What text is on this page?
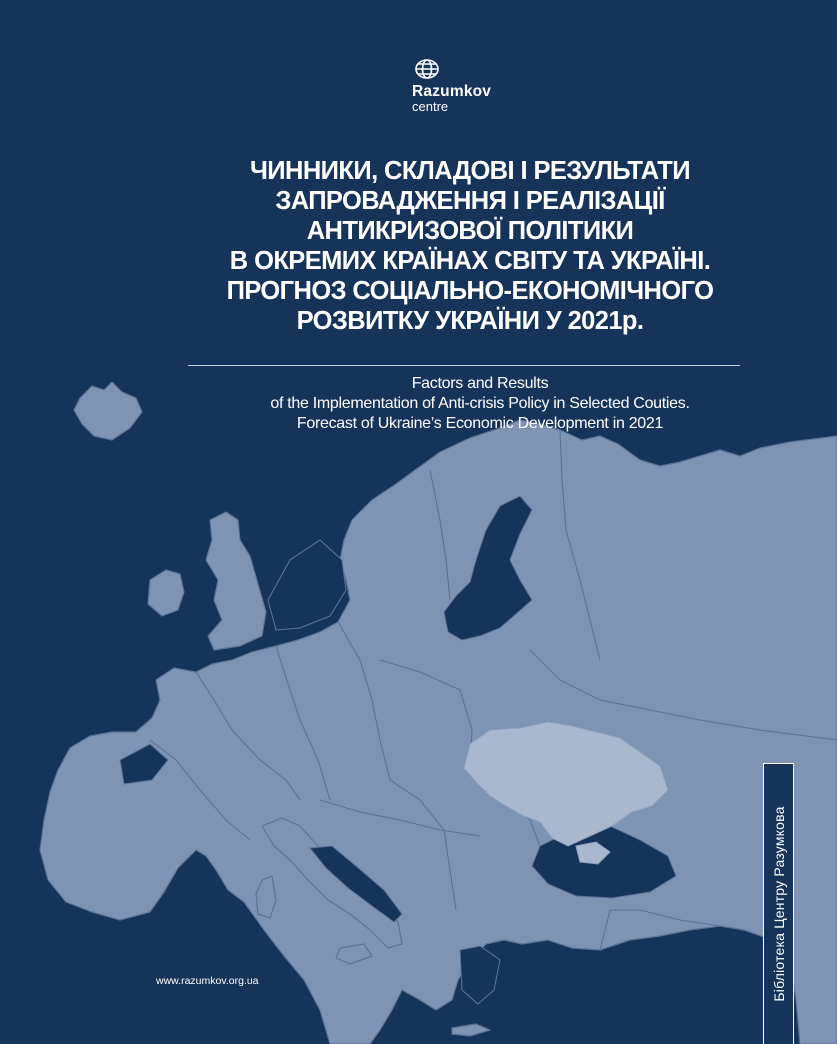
Razumkov
centre
ЧИННИКИ, СКЛАДОВІ І РЕЗУЛЬТАТИ
ЗАПРОВАДЖЕННЯ І РЕАЛІЗАЦІЇ
АНТИКРИЗОВОЇ ПОЛІТИКИ
В ОКРЕМИХ КРАЇНАХ СВІТУ ТА УКРАЇНІ.
ПРОГНОЗ СОЦІАЛЬНО-ЕКОНОМІЧНОГО
РОЗВИТКУ УКРАЇНИ У 2021р.
Factors and Results
of the Implementation of Anti-crisis Policy in Selected Couties.
Forecast of Ukraine’s Economic Development in 2021
www.razumkov.org.ua	Бібліотека Центру Разумкова
